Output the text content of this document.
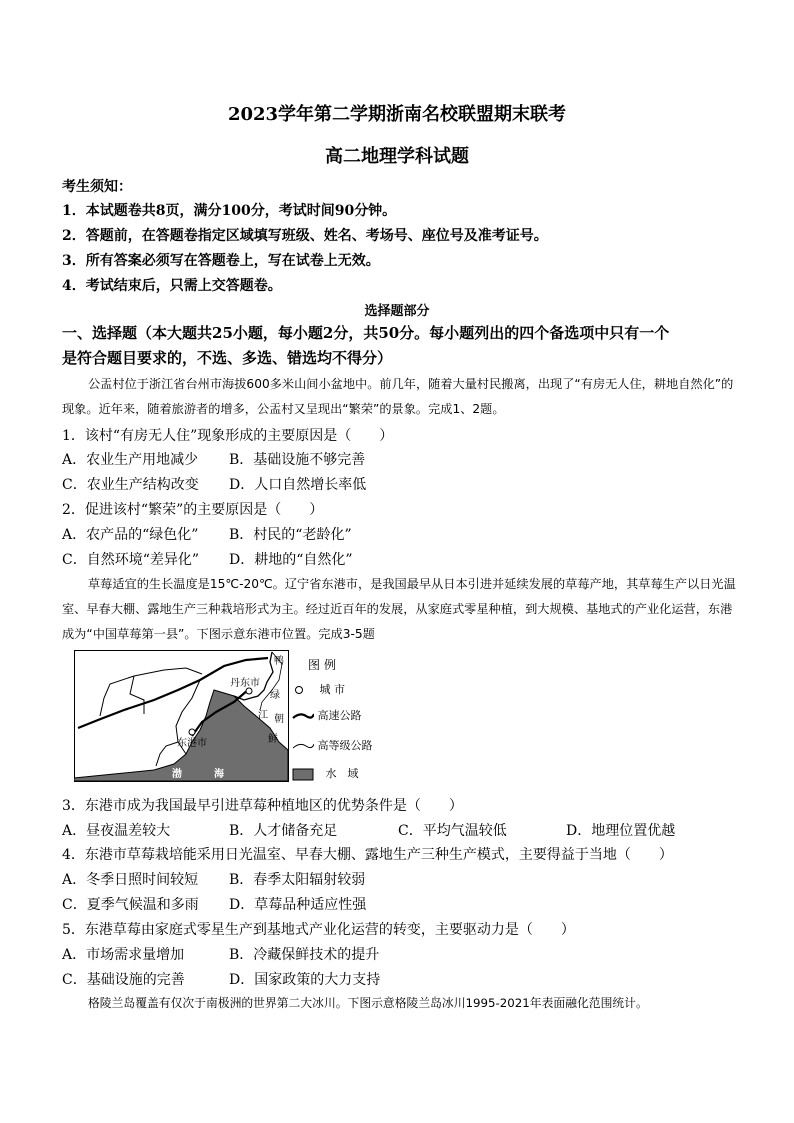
2023学年第二学期浙南名校联盟期末联考
高二地理学科试题
考生须知：
1．本试题卷共8页，满分100分，考试时间90分钟。
2．答题前，在答题卷指定区域填写班级、姓名、考场号、座位号及准考证号。
3．所有答案必须写在答题卷上，写在试卷上无效。
4．考试结束后，只需上交答题卷。
选择题部分
一、选择题（本大题共25小题，每小题2分，共50分。每小题列出的四个备选项中只有一个
是符合题目要求的，不选、多选、错选均不得分）
公盂村位于浙江省台州市海拔600多米山间小盆地中。前几年，随着大量村民搬离，出现了“有房无人住，耕地自然化”的现象。近年来，随着旅游者的增多，公盂村又呈现出“繁荣”的景象。完成1、2题。
1．该村“有房无人住”现象形成的主要原因是（　　）
A．农业生产用地减少 B．基础设施不够完善
C．农业生产结构改变 D．人口自然增长率低
2．促进该村“繁荣”的主要原因是（　　）
A．农产品的“绿色化” B．村民的“老龄化”
C．自然环境“差异化” D．耕地的“自然化”
草莓适宜的生长温度是15℃-20℃。辽宁省东港市，是我国最早从日本引进并延续发展的草莓产地，其草莓生产以日光温室、早春大棚、露地生产三种栽培形式为主。经过近百年的发展，从家庭式零星种植，到大规模、基地式的产业化运营，东港成为“中国草莓第一县”。下图示意东港市位置。完成3-5题
丹东市
东港市
渤	海
鸭
绿
江 朝
鲜
图例
城 市
高速公路
高等级公路
水　域
3．东港市成为我国最早引进草莓种植地区的优势条件是（　　）
A．昼夜温差较大	B．人才储备充足	C．平均气温较低	D．地理位置优越
4．东港市草莓栽培能采用日光温室、早春大棚、露地生产三种生产模式，主要得益于当地（　　）
A．冬季日照时间较短 B．春季太阳辐射较弱
C．夏季气候温和多雨 D．草莓品种适应性强
5．东港草莓由家庭式零星生产到基地式产业化运营的转变，主要驱动力是（　　）
A．市场需求量增加	B．冷藏保鲜技术的提升
C．基础设施的完善	D．国家政策的大力支持
格陵兰岛覆盖有仅次于南极洲的世界第二大冰川。下图示意格陵兰岛冰川1995-2021年表面融化范围统计。
